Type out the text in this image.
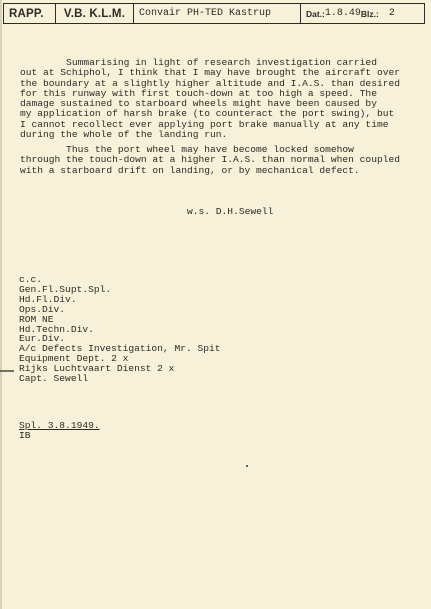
RAPP.	V.B. K.L.M.	Convair PH-TED Kastrup	Dat.: 1.8.49 Blz.: 2
Summarising in light of research investigation carried
out at Schiphol, I think that I may have brought the aircraft over
the boundary at a slightly higher altitude and I.A.S. than desired
for this runway with first touch-down at too high a speed. The
damage sustained to starboard wheels might have been caused by
my application of harsh brake (to counteract the port swing), but
I cannot recollect ever applying port brake manually at any time
during the whole of the landing run.
Thus the port wheel may have become locked somehow
through the touch-down at a higher I.A.S. than normal when coupled
with a starboard drift on landing, or by mechanical defect.
w.s. D.H.Sewell
c.c.
Gen.Fl.Supt.Spl.
Hd.Fl.Div.
Ops.Div.
ROM NE
Hd.Techn.Div.
Eur.Div.
A/c Defects Investigation, Mr. Spit
Equipment Dept. 2 x
Rijks Luchtvaart Dienst 2 x
Capt. Sewell
Spl. 3.8.1949.
IB
